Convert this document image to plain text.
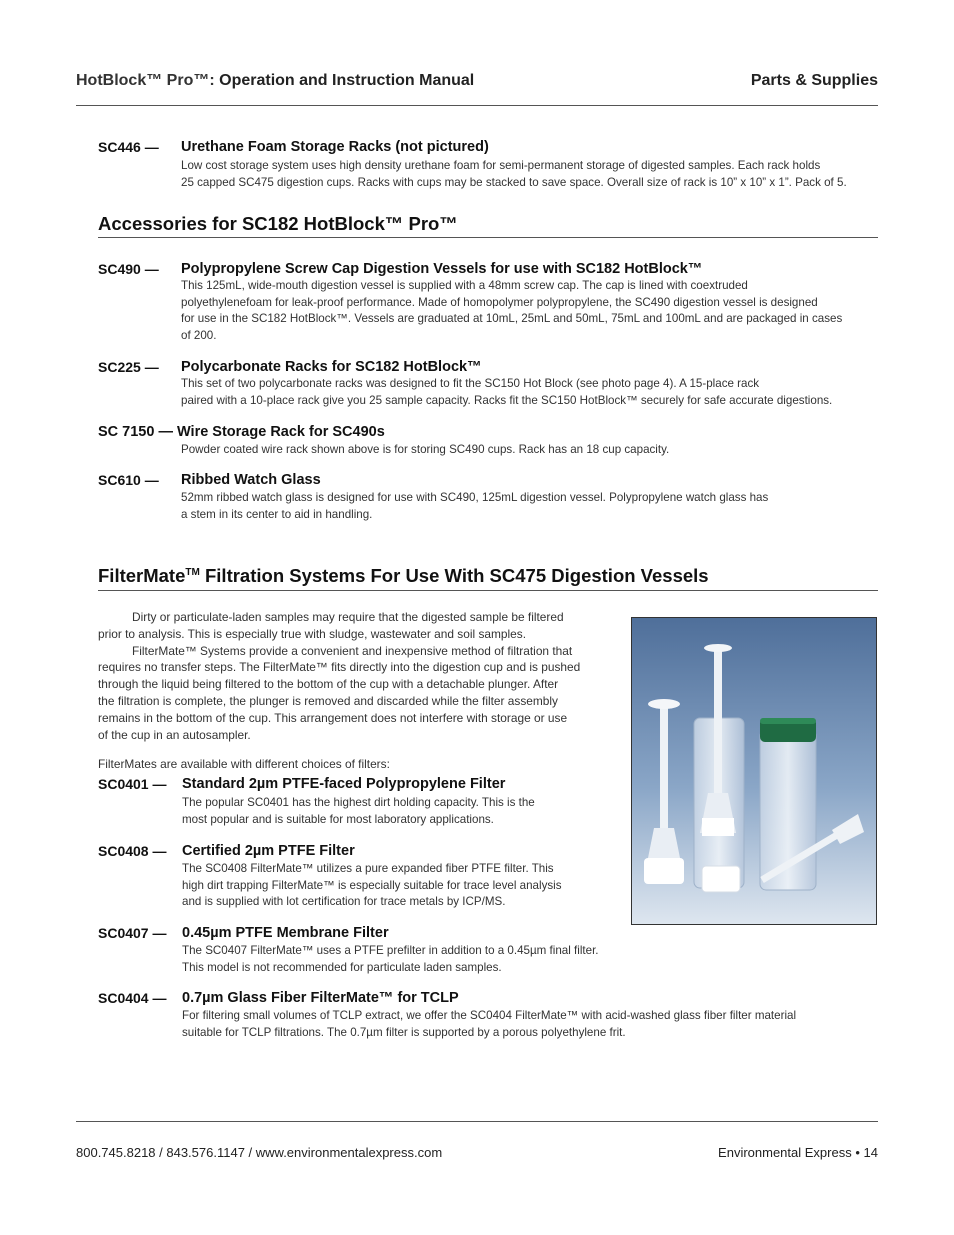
HotBlock™ Pro™: Operation and Instruction Manual	Parts & Supplies
SC446 — Urethane Foam Storage Racks (not pictured)
Low cost storage system uses high density urethane foam for semi-permanent storage of digested samples. Each rack holds
25 capped SC475 digestion cups. Racks with cups may be stacked to save space. Overall size of rack is 10” x 10” x 1”. Pack of 5.
Accessories for SC182 HotBlock™ Pro™
SC490 — Polypropylene Screw Cap Digestion Vessels for use with SC182 HotBlock™
This 125mL, wide-mouth digestion vessel is supplied with a 48mm screw cap. The cap is lined with coextruded
polyethylenefoam for leak-proof performance. Made of homopolymer polypropylene, the SC490 digestion vessel is designed
for use in the SC182 HotBlock™. Vessels are graduated at 10mL, 25mL and 50mL, 75mL and 100mL and are packaged in cases
of 200.
SC225 — Polycarbonate Racks for SC182 HotBlock™
This set of two polycarbonate racks was designed to fit the SC150 Hot Block (see photo page 4). A 15-place rack
paired with a 10-place rack give you 25 sample capacity. Racks fit the SC150 HotBlock™ securely for safe accurate digestions.
SC 7150 — Wire Storage Rack for SC490s
Powder coated wire rack shown above is for storing SC490 cups. Rack has an 18 cup capacity.
SC610 — Ribbed Watch Glass
52mm ribbed watch glass is designed for use with SC490, 125mL digestion vessel. Polypropylene watch glass has
a stem in its center to aid in handling.
FilterMate™ Filtration Systems For Use With SC475 Digestion Vessels
Dirty or particulate-laden samples may require that the digested sample be filtered
prior to analysis. This is especially true with sludge, wastewater and soil samples.
FilterMate™ Systems provide a convenient and inexpensive method of filtration that
requires no transfer steps. The FilterMate™ fits directly into the digestion cup and is pushed
through the liquid being filtered to the bottom of the cup with a detachable plunger. After
the filtration is complete, the plunger is removed and discarded while the filter assembly
remains in the bottom of the cup. This arrangement does not interfere with storage or use
of the cup in an autosampler.
FilterMates are available with different choices of filters:
SC0401 — Standard 2µm PTFE-faced Polypropylene Filter
The popular SC0401 has the highest dirt holding capacity. This is the
most popular and is suitable for most laboratory applications.
SC0408 — Certified 2µm PTFE Filter
The SC0408 FilterMate™ utilizes a pure expanded fiber PTFE filter. This
high dirt trapping FilterMate™ is especially suitable for trace level analysis
and is supplied with lot certification for trace metals by ICP/MS.
SC0407 — 0.45µm PTFE Membrane Filter
The SC0407 FilterMate™ uses a PTFE prefilter in addition to a 0.45µm final filter.
This model is not recommended for particulate laden samples.
SC0404 — 0.7µm Glass Fiber FilterMate™ for TCLP
For filtering small volumes of TCLP extract, we offer the SC0404 FilterMate™ with acid-washed glass fiber filter material
suitable for TCLP filtrations. The 0.7µm filter is supported by a porous polyethylene frit.
800.745.8218 / 843.576.1147 / www.environmentalexpress.com	Environmental Express • 14
